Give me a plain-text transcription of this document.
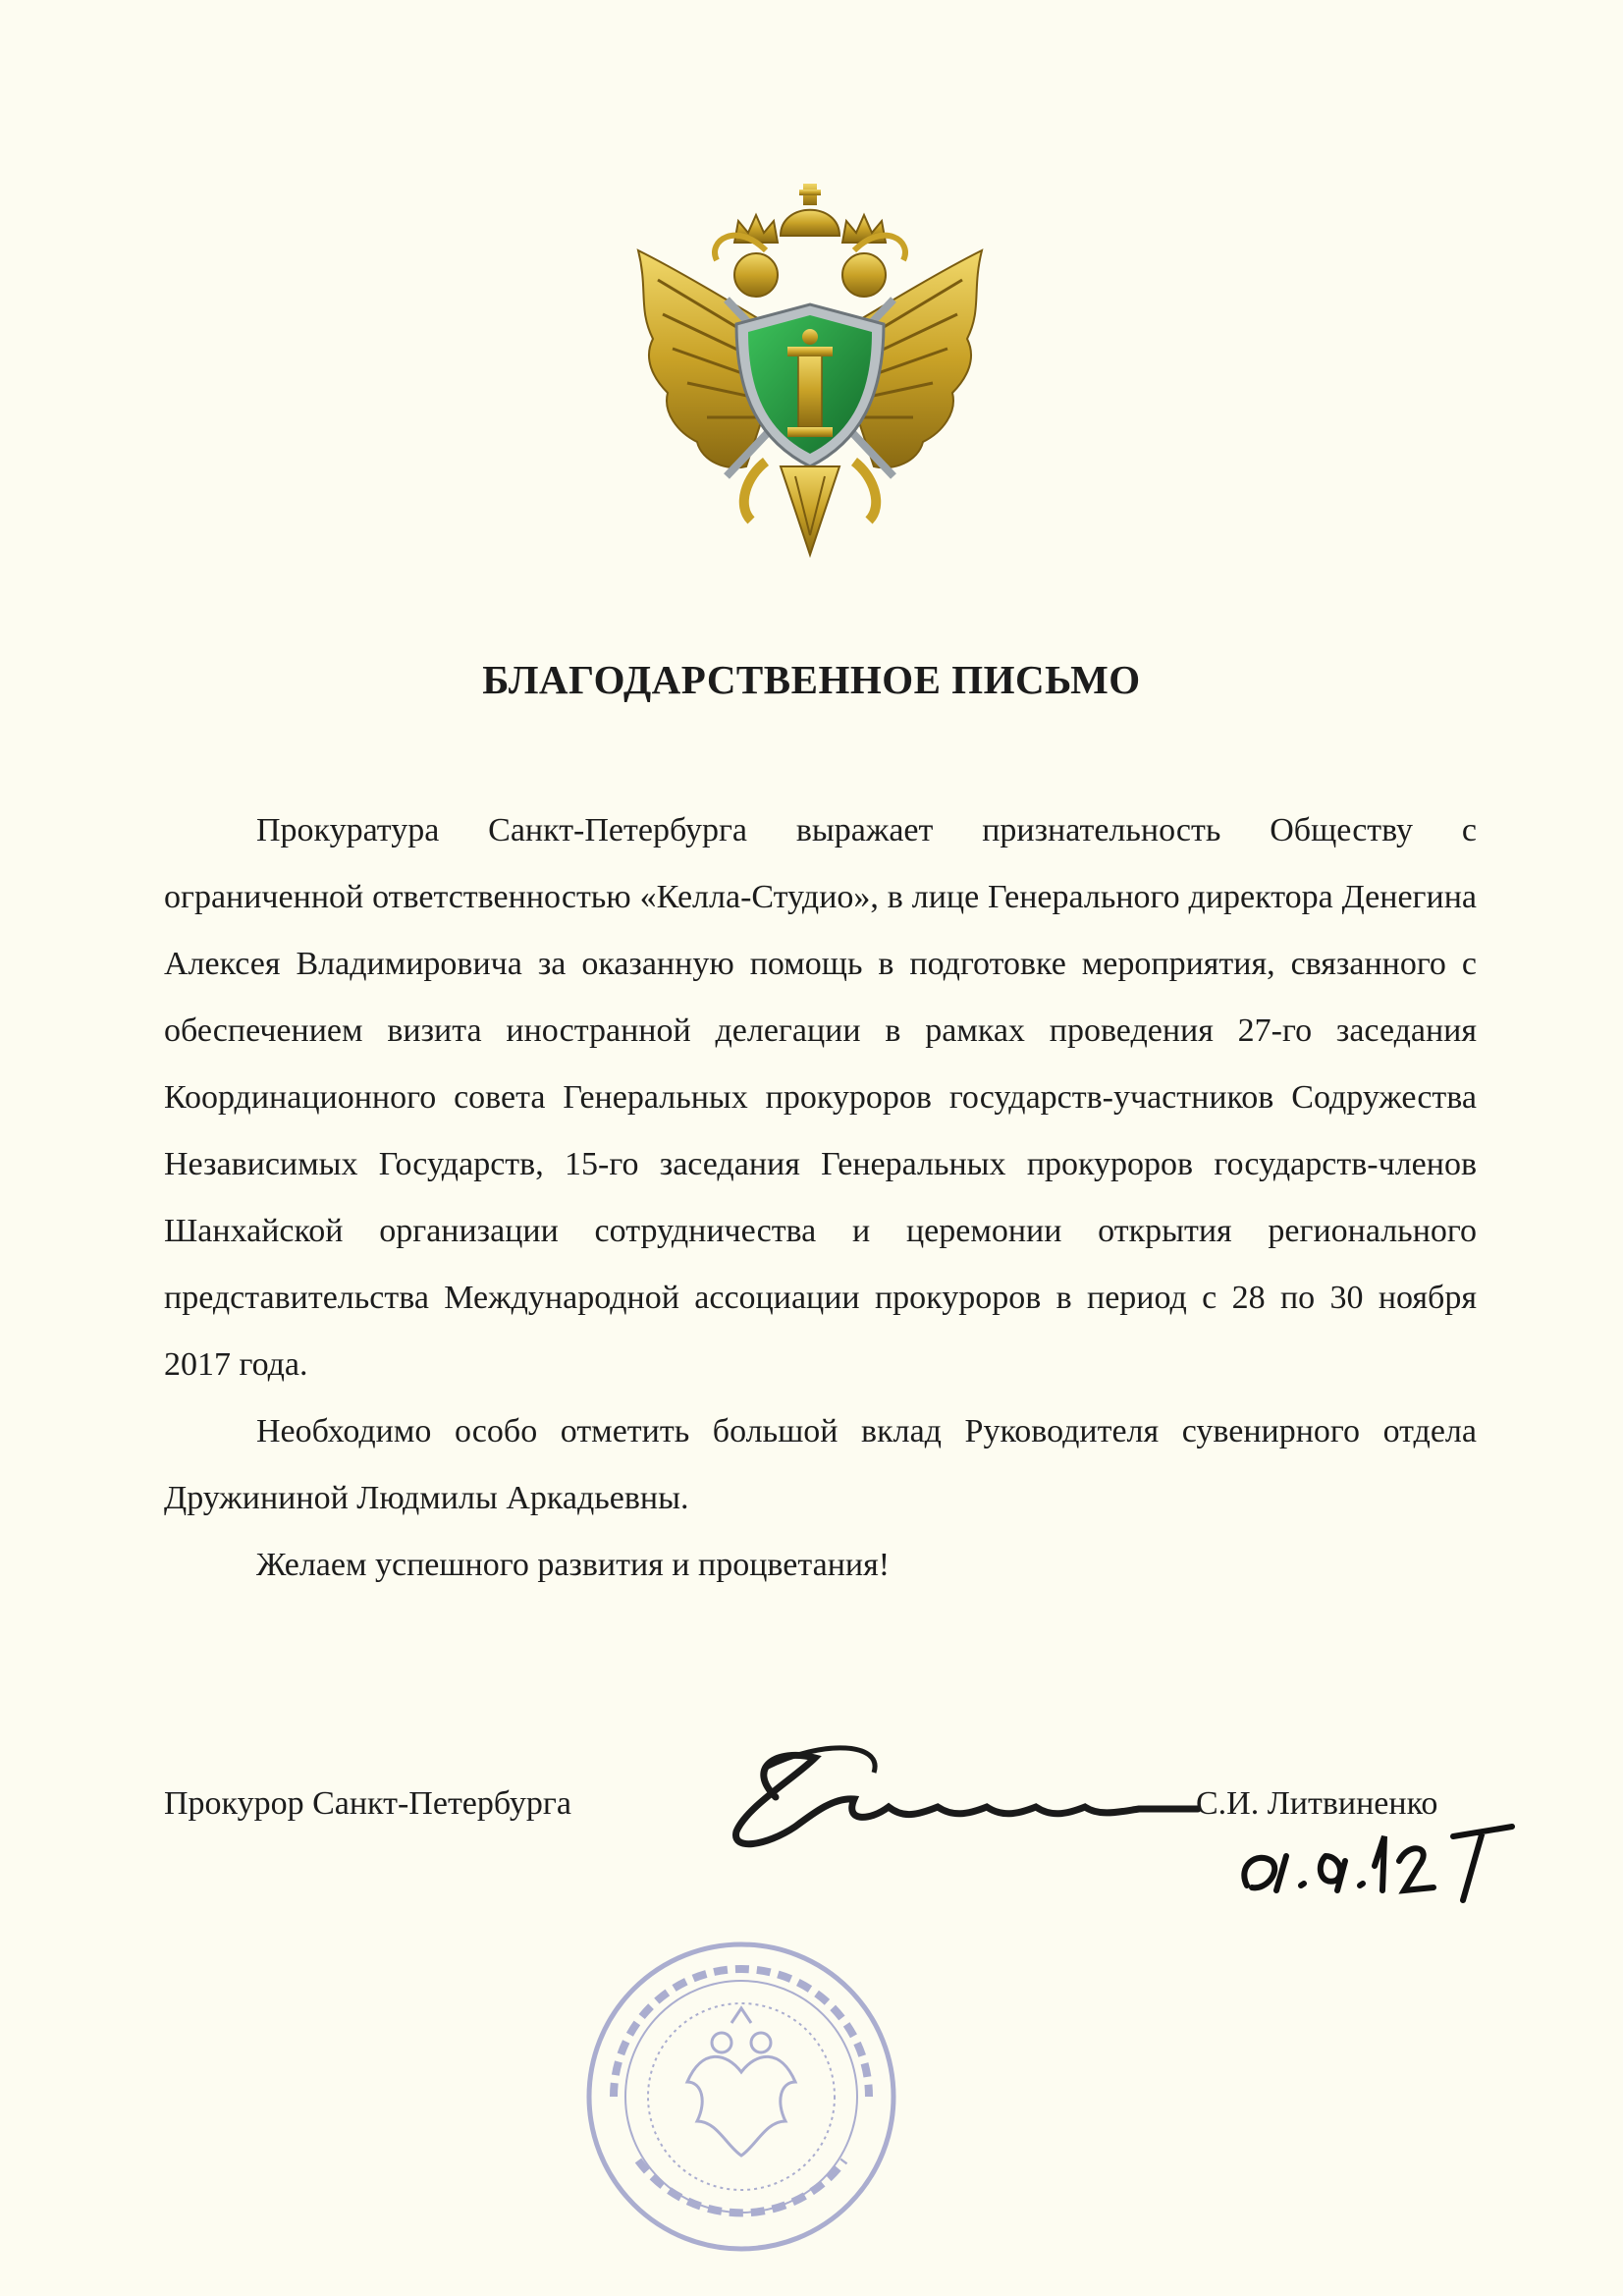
БЛАГОДАРСТВЕННОЕ ПИСЬМО

Прокуратура Санкт-Петербурга выражает признательность Обществу с ограниченной ответственностью «Келла-Студио», в лице Генерального директора Денегина Алексея Владимировича за оказанную помощь в подготовке мероприятия, связанного с обеспечением визита иностранной делегации в рамках проведения 27-го заседания Координационного совета Генеральных прокуроров государств-участников Содружества Независимых Государств, 15-го заседания Генеральных прокуроров государств-членов Шанхайской организации сотрудничества и церемонии открытия регионального представительства Международной ассоциации прокуроров в период с 28 по 30 ноября 2017 года.

Необходимо особо отметить большой вклад Руководителя сувенирного отдела Дружининой Людмилы Аркадьевны.

Желаем успешного развития и процветания!

Прокурор Санкт-Петербурга	С.И. Литвиненко
